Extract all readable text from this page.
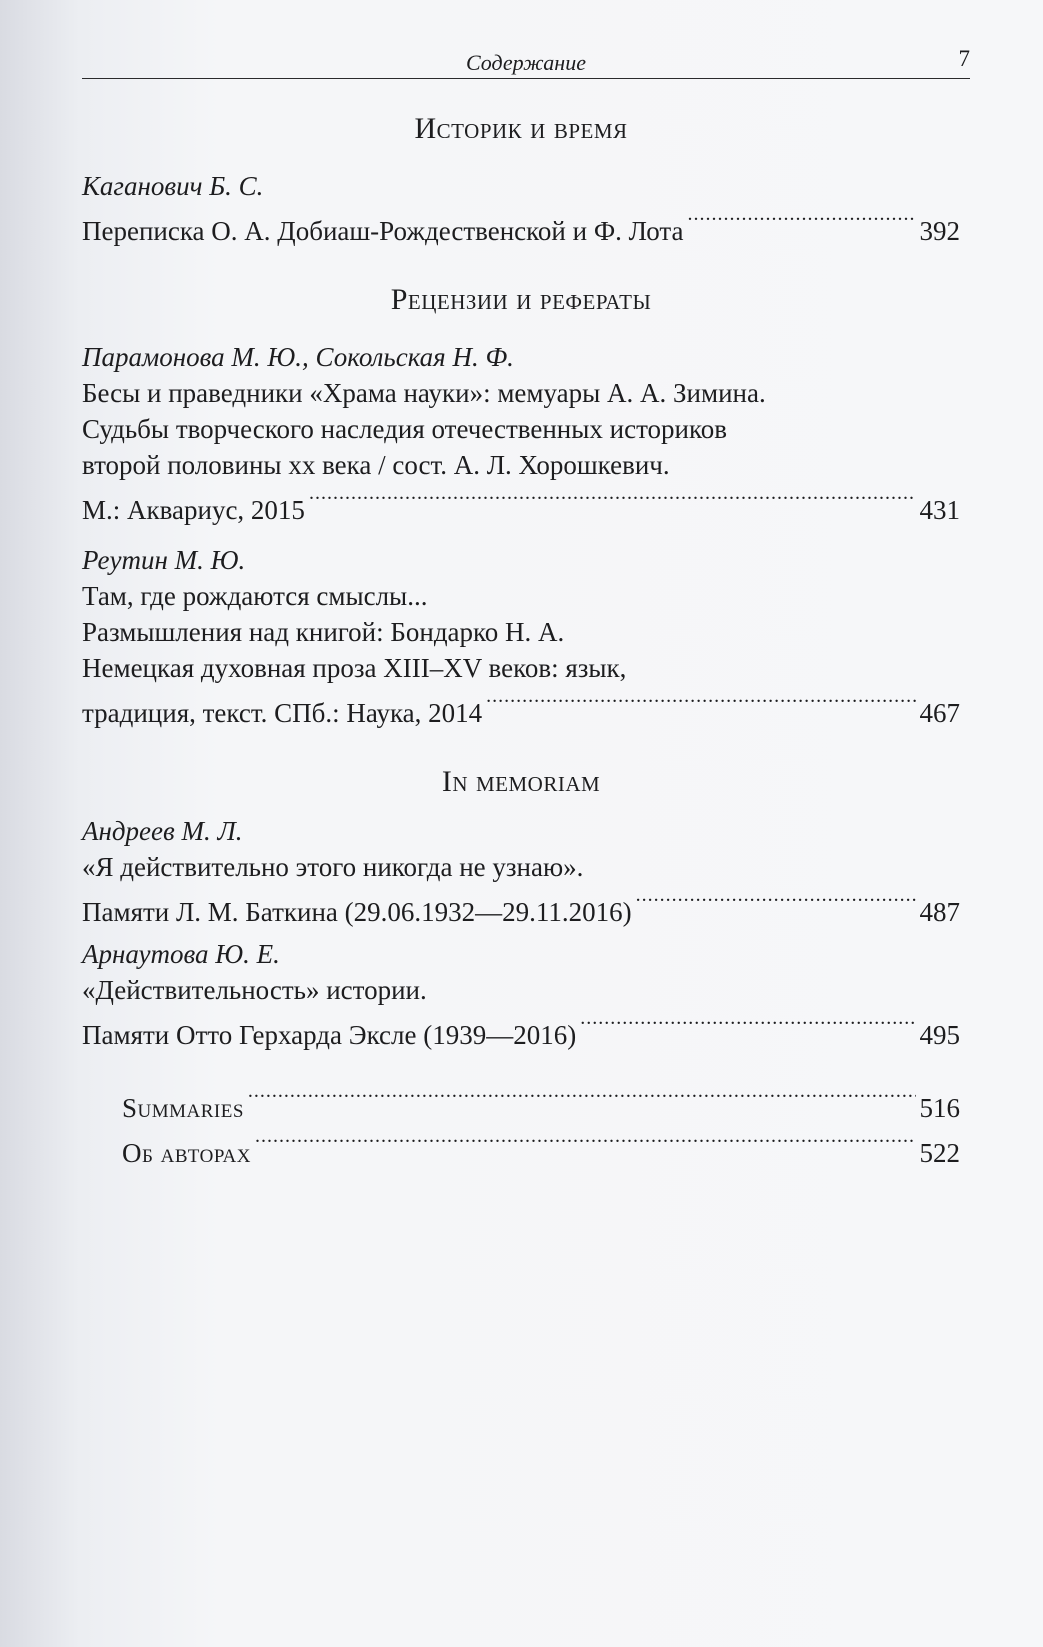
Содержание	7
Историк и время
Каганович Б. С.
Переписка О. А. Добиаш-Рождественской и Ф. Лота .....	392
Рецензии и рефераты
Парамонова М. Ю., Сокольская Н. Ф.
Бесы и праведники «Храма науки»: мемуары А. А. Зимина.
Судьбы творческого наследия отечественных историков
второй половины xx века / сост. А. Л. Хорошкевич.
М.: Аквариус, 2015 .....	431
Реутин М. Ю.
Там, где рождаются смыслы...
Размышления над книгой: Бондарко Н. А.
Немецкая духовная проза XIII–XV веков: язык,
традиция, текст. СПб.: Наука, 2014 .....	467
In memoriam
Андреев М. Л.
«Я действительно этого никогда не узнаю».
Памяти Л. М. Баткина (29.06.1932—29.11.2016) .....	487
Арнаутова Ю. Е.
«Действительность» истории.
Памяти Отто Герхарда Эксле (1939—2016) .....	495
Summaries .....	516
Об авторах .....	522
